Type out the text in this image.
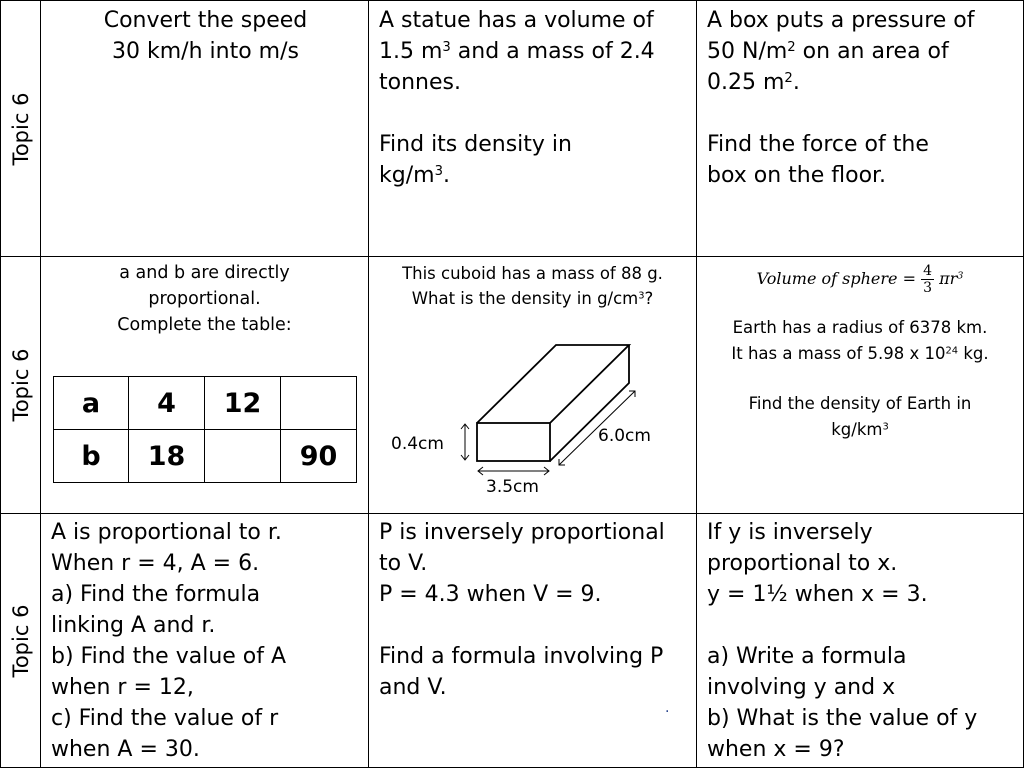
Topic 6
Convert the speed
30 km/h into m/s
A statue has a volume of
1.5 $m^3$ and a mass of 2.4
tonnes.
Find its density in
$kg/m^3$.
A box puts a pressure of
50 $N/m^2$ on an area of
0.25 $m^2$.
Find the force of the
box on the floor.
Topic 6
a and b are directly
proportional.
Complete the table:
a	4	12	
b	18		90
This cuboid has a mass of 88 g.
What is the density in $g/cm^3$?
0.4cm
3.5cm
6.0cm
Volume of sphere = $\frac{4}{3} \pi r^3$
Earth has a radius of 6378 km.
It has a mass of 5.98 x $10^{24}$ kg.
Find the density of Earth in
$kg/km^3$
Topic 6
A is proportional to r.
When r = 4, A = 6.
a) Find the formula
linking A and r.
b) Find the value of A
when r = 12,
c) Find the value of r
when A = 30.
P is inversely proportional
to V.
P = 4.3 when V = 9.
Find a formula involving P
and V.
.
If y is inversely
proportional to x.
y = 1½ when x = 3.
a) Write a formula
involving y and x
b) What is the value of y
when x = 9?
